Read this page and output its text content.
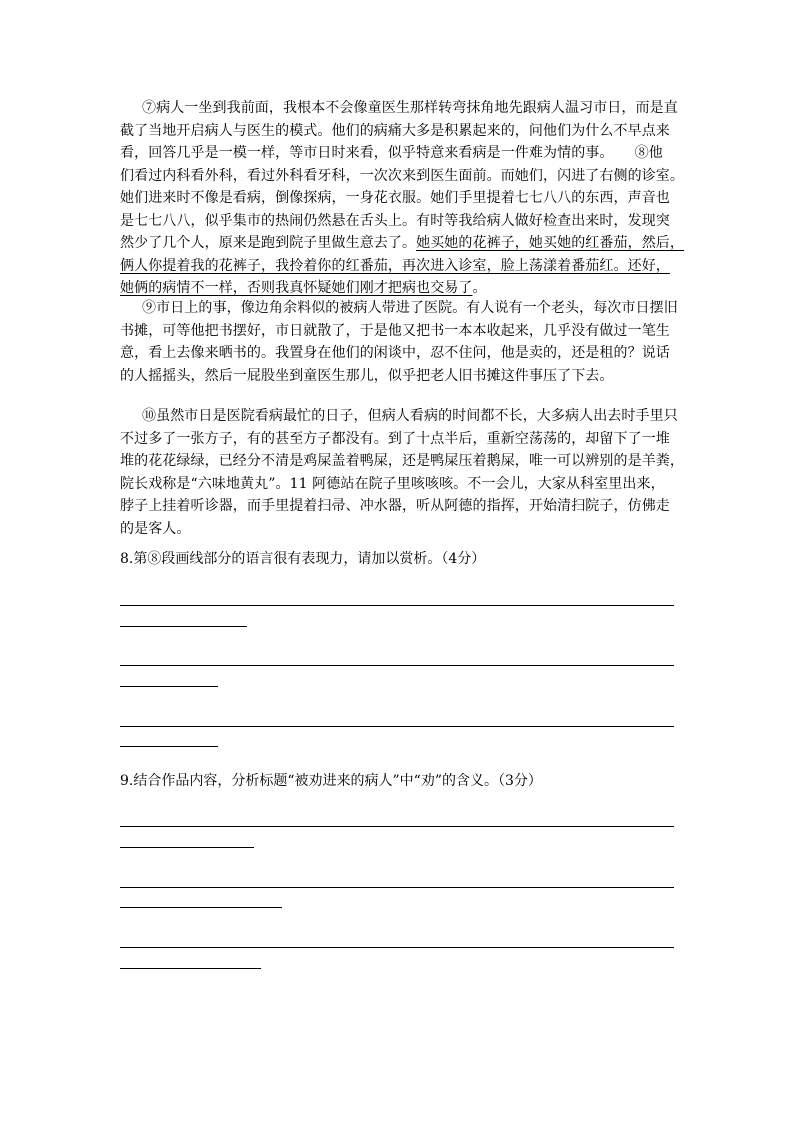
⑦病人一坐到我前面，我根本不会像童医生那样转弯抹角地先跟病人温习市日，而是直
截了当地开启病人与医生的模式。他们的病痛大多是积累起来的，问他们为什么不早点来
看，回答几乎是一模一样，等市日时来看，似乎特意来看病是一件难为情的事。　　⑧他
们看过内科看外科，看过外科看牙科，一次次来到医生面前。而她们，闪进了右侧的诊室。
她们进来时不像是看病，倒像探病，一身花衣服。她们手里提着七七八八的东西，声音也
是七七八八，似乎集市的热闹仍然悬在舌头上。有时等我给病人做好检查出来时，发现突
然少了几个人，原来是跑到院子里做生意去了。她买她的花裤子，她买她的红番茄，然后，
俩人你提着我的花裤子，我拎着你的红番茄，再次进入诊室，脸上荡漾着番茄红。还好，
她俩的病情不一样，否则我真怀疑她们刚才把病也交易了。
⑨市日上的事，像边角余料似的被病人带进了医院。有人说有一个老头，每次市日摆旧
书摊，可等他把书摆好，市日就散了，于是他又把书一本本收起来，几乎没有做过一笔生
意，看上去像来晒书的。我置身在他们的闲谈中，忍不住问，他是卖的，还是租的？说话
的人摇摇头，然后一屁股坐到童医生那儿，似乎把老人旧书摊这件事压了下去。
⑩虽然市日是医院看病最忙的日子，但病人看病的时间都不长，大多病人出去时手里只
不过多了一张方子，有的甚至方子都没有。到了十点半后，重新空荡荡的，却留下了一堆
堆的花花绿绿，已经分不清是鸡屎盖着鸭屎，还是鸭屎压着鹅屎，唯一可以辨别的是羊粪，
院长戏称是“六味地黄丸”。11 阿德站在院子里咳咳咳。不一会儿，大家从科室里出来，
脖子上挂着听诊器，而手里提着扫帚、冲水器，听从阿德的指挥，开始清扫院子，仿佛走
的是客人。
8.第⑧段画线部分的语言很有表现力，请加以赏析。（4分）
9.结合作品内容，分析标题“被劝进来的病人”中“劝”的含义。（3分）
